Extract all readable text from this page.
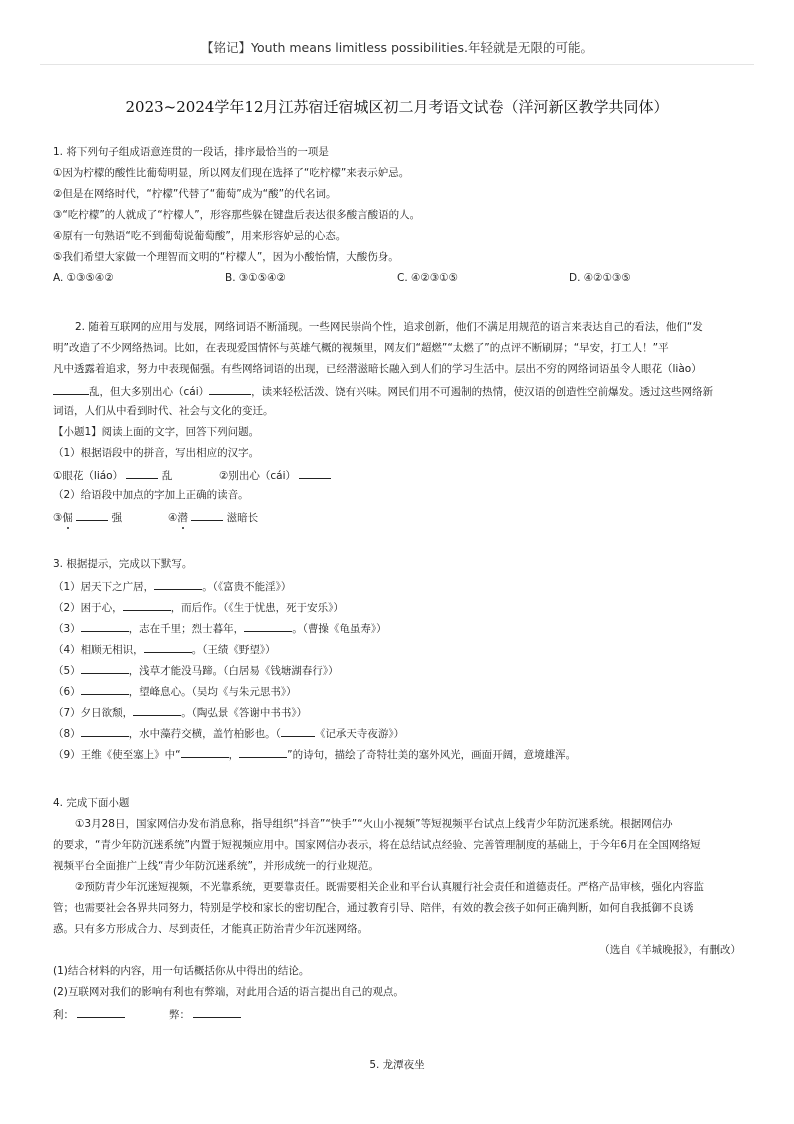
【铭记】Youth means limitless possibilities.年轻就是无限的可能。
2023~2024学年12月江苏宿迁宿城区初二月考语文试卷（洋河新区教学共同体）
1. 将下列句子组成语意连贯的一段话，排序最恰当的一项是
①因为柠檬的酸性比葡萄明显，所以网友们现在选择了“吃柠檬”来表示妒忌。
②但是在网络时代，“柠檬”代替了“葡萄”成为“酸”的代名词。
③“吃柠檬”的人就成了“柠檬人”，形容那些躲在键盘后表达很多酸言酸语的人。
④原有一句熟语“吃不到葡萄说葡萄酸”，用来形容妒忌的心态。
⑤我们希望大家做一个理智而文明的“柠檬人”，因为小酸怡情，大酸伤身。
A. ①③⑤④②	B. ③①⑤④②	C. ④②③①⑤	D. ④②①③⑤
2. 随着互联网的应用与发展，网络词语不断涌现。一些网民崇尚个性，追求创新，他们不满足用规范的语言来表达自己的看法，他们“发
明”改造了不少网络热词。比如，在表现爱国情怀与英雄气概的视频里，网友们“超燃”“太燃了”的点评不断刷屏；“早安，打工人！”平
凡中透露着追求，努力中表现倔强。有些网络词语的出现，已经潜滋暗长融入到人们的学习生活中。层出不穷的网络词语虽令人眼花（liào）
乱，但大多别出心（cái）	，读来轻松活泼、饶有兴味。网民们用不可遏制的热情，使汉语的创造性空前爆发。透过这些网络新
词语，人们从中看到时代、社会与文化的变迁。
【小题1】阅读上面的文字，回答下列问题。
（1）根据语段中的拼音，写出相应的汉字。
①眼花（liáo）	乱	②别出心（cái）
（2）给语段中加点的字加上正确的读音。
③倔	强	④潜	滋暗长
3. 根据提示，完成以下默写。
（1）居天下之广居，	。（《富贵不能淫》）
（2）困于心，	，而后作。（《生于忧患，死于安乐》）
（3）	，志在千里；烈士暮年，	。（曹操《龟虽寿》）
（4）相顾无相识，	。（王绩《野望》）
（5）	，浅草才能没马蹄。（白居易《钱塘湖春行》）
（6）	，望峰息心。（吴均《与朱元思书》）
（7）夕日欲颓，	。（陶弘景《答谢中书书》）
（8）	，水中藻荇交横，盖竹柏影也。（	《记承天寺夜游》）
（9）王维《使至塞上》中“	，	”的诗句，描绘了奇特壮美的塞外风光，画面开阔，意境雄浑。
4. 完成下面小题
①3月28日，国家网信办发布消息称，指导组织“抖音”“快手”“火山小视频”等短视频平台试点上线青少年防沉迷系统。根据网信办
的要求，“青少年防沉迷系统”内置于短视频应用中。国家网信办表示，将在总结试点经验、完善管理制度的基础上，于今年6月在全国网络短
视频平台全面推广上线“青少年防沉迷系统”，并形成统一的行业规范。
②预防青少年沉迷短视频，不光靠系统，更要靠责任。既需要相关企业和平台认真履行社会责任和道德责任。严格产品审核，强化内容监
管；也需要社会各界共同努力，特别是学校和家长的密切配合，通过教育引导、陪伴，有效的教会孩子如何正确判断，如何自我抵御不良诱
惑。只有多方形成合力、尽到责任，才能真正防治青少年沉迷网络。
（选自《羊城晚报》，有删改）
(1)结合材料的内容，用一句话概括你从中得出的结论。
(2)互联网对我们的影响有利也有弊端，对此用合适的语言提出自己的观点。
利：	弊：
5. 龙潭夜坐
